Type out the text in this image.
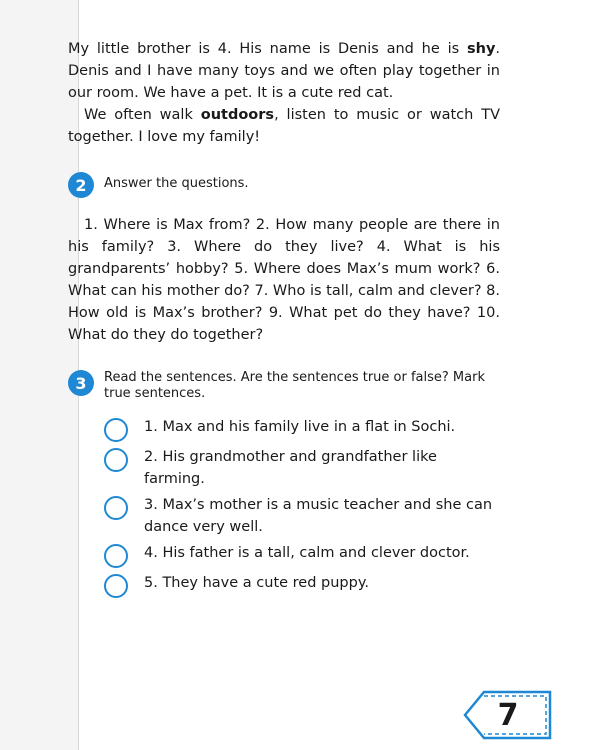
My little brother is 4. His name is Denis and he is shy. Denis and I have many toys and we often play together in our room. We have a pet. It is a cute red cat.

We often walk outdoors, listen to music or watch TV together. I love my family!

2	Answer the questions.

1. Where is Max from? 2. How many people are there in his family? 3. Where do they live? 4. What is his grandparents’ hobby? 5. Where does Max’s mum work? 6. What can his mother do? 7. Who is tall, calm and clever? 8. How old is Max’s brother? 9. What pet do they have? 10. What do they do together?

3	Read the sentences. Are the sentences true or false? Mark true sentences.
1. Max and his family live in a flat in Sochi.
2. His grandmother and grandfather like farming.
3. Max’s mother is a music teacher and she can dance very well.
4. His father is a tall, calm and clever doctor.
5. They have a cute red puppy.
7
